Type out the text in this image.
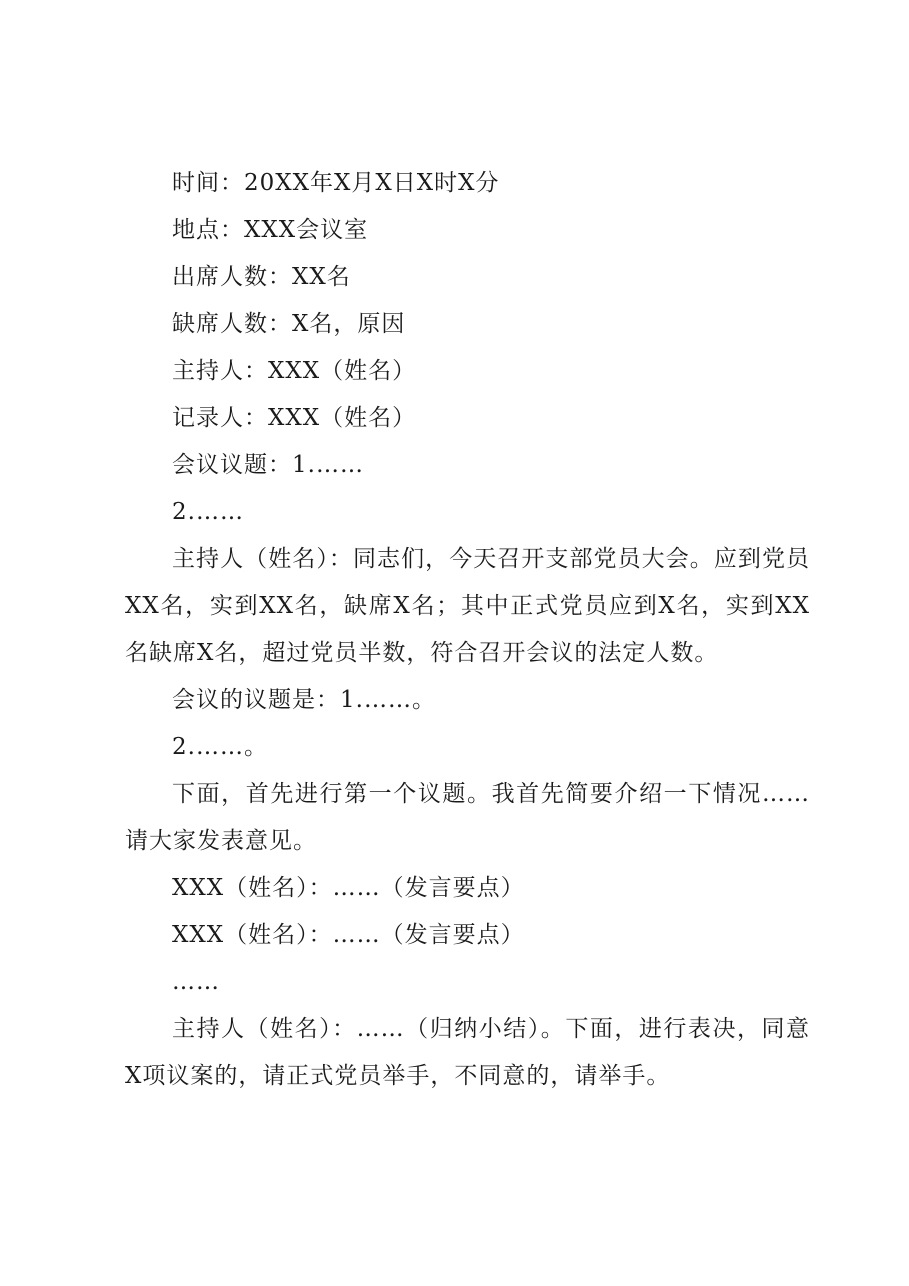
时间：20XX年X月X日X时X分
地点：XXX会议室
出席人数：XX名
缺席人数：X名，原因
主持人：XXX（姓名）
记录人：XXX（姓名）
会议议题：1.……
2.……
主持人（姓名）：同志们，今天召开支部党员大会。应到党员XX名，实到XX名，缺席X名；其中正式党员应到X名，实到XX名缺席X名，超过党员半数，符合召开会议的法定人数。
会议的议题是：1.……。
2.……。
下面，首先进行第一个议题。我首先简要介绍一下情况……请大家发表意见。
XXX（姓名）：……（发言要点）
XXX（姓名）：……（发言要点）
……
主持人（姓名）：……（归纳小结）。下面，进行表决，同意X项议案的，请正式党员举手，不同意的，请举手。
